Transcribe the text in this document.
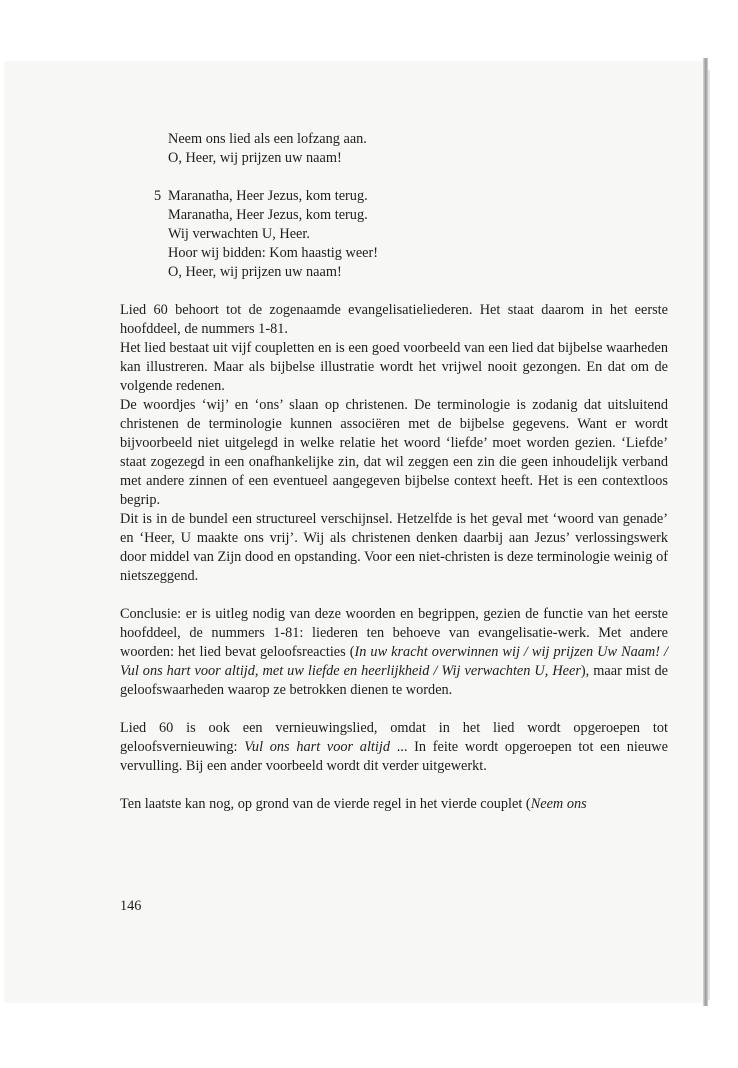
Neem ons lied als een lofzang aan.
O, Heer, wij prijzen uw naam!
5 Maranatha, Heer Jezus, kom terug.
Maranatha, Heer Jezus, kom terug.
Wij verwachten U, Heer.
Hoor wij bidden: Kom haastig weer!
O, Heer, wij prijzen uw naam!

Lied 60 behoort tot de zogenaamde evangelisatieliederen. Het staat daarom in het eerste hoofddeel, de nummers 1-81.

Het lied bestaat uit vijf coupletten en is een goed voorbeeld van een lied dat bijbelse waarheden kan illustreren. Maar als bijbelse illustratie wordt het vrijwel nooit gezongen. En dat om de volgende redenen.

De woordjes ‘wij’ en ‘ons’ slaan op christenen. De terminologie is zodanig dat uitsluitend christenen de terminologie kunnen associëren met de bijbelse gegevens. Want er wordt bijvoorbeeld niet uitgelegd in welke relatie het woord ‘liefde’ moet worden gezien. ‘Liefde’ staat zogezegd in een onafhankelijke zin, dat wil zeggen een zin die geen inhoudelijk verband met andere zinnen of een eventueel aangegeven bijbelse context heeft. Het is een contextloos begrip.

Dit is in de bundel een structureel verschijnsel. Hetzelfde is het geval met ‘woord van genade’ en ‘Heer, U maakte ons vrij’. Wij als christenen denken daarbij aan Jezus’ verlossingswerk door middel van Zijn dood en opstanding. Voor een niet-christen is deze terminologie weinig of nietszeggend.

Conclusie: er is uitleg nodig van deze woorden en begrippen, gezien de functie van het eerste hoofddeel, de nummers 1-81: liederen ten behoeve van evangelisatie-werk. Met andere woorden: het lied bevat geloofsreacties (In uw kracht overwinnen wij / wij prijzen Uw Naam! / Vul ons hart voor altijd, met uw liefde en heerlijkheid / Wij verwachten U, Heer), maar mist de geloofswaarheden waarop ze betrokken dienen te worden.

Lied 60 is ook een vernieuwingslied, omdat in het lied wordt opgeroepen tot geloofsvernieuwing: Vul ons hart voor altijd ... In feite wordt opgeroepen tot een nieuwe vervulling. Bij een ander voorbeeld wordt dit verder uitgewerkt.

Ten laatste kan nog, op grond van de vierde regel in het vierde couplet (Neem ons

146
